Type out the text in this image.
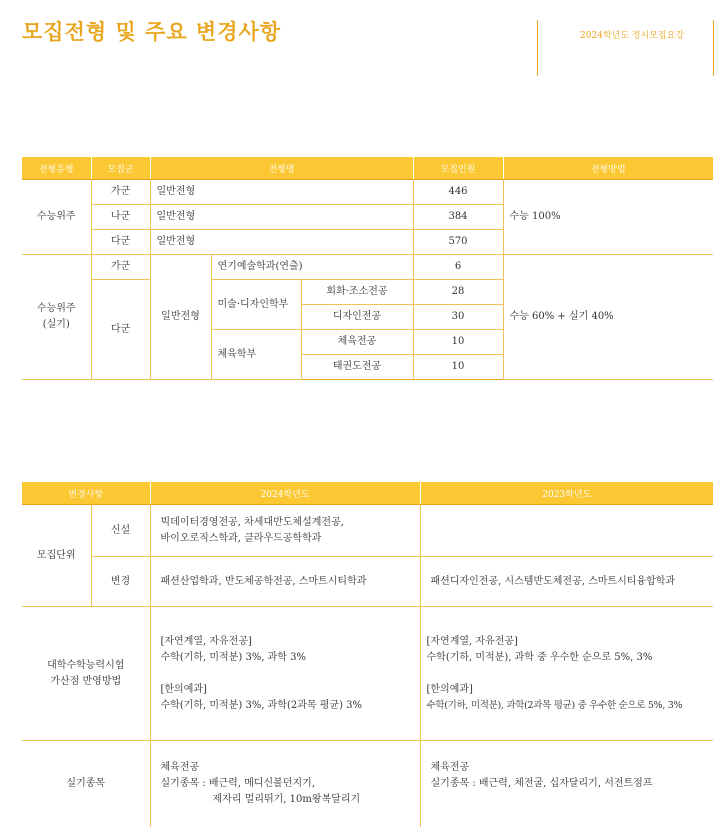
모집전형 및 주요 변경사항	2024학년도 정시모집요강
전형유형	모집군	전형명			모집인원	전형방법
수능위주	가군	일반전형			446	수능 100%
	나군	일반전형			384	
	다군	일반전형			570	
수능위주
(실기)	가군	일반전형	연기예술학과(연출)		6	수능 60% + 실기 40%
	다군		미술·디자인학부	회화·조소전공	28	
				디자인전공	30	
			체육학부	체육전공	10	
				태권도전공	10	
변경사항		2024학년도	2023학년도
모집단위	신설	빅데이터경영전공, 차세대반도체설계전공,
바이오로직스학과, 클라우드공학학과	
	변경	패션산업학과, 반도체공학전공, 스마트시티학과	패션디자인전공, 시스템반도체전공, 스마트시티융합학과
대학수학능력시험
가산점 반영방법		[자연계열, 자유전공]
수학(기하, 미적분) 3%, 과학 3%
[한의예과]
수학(기하, 미적분) 3%, 과학(2과목 평균) 3%	[자연계열, 자유전공]
수학(기하, 미적분), 과학 중 우수한 순으로 5%, 3%
[한의예과]
수학(기하, 미적분), 과학(2과목 평균) 중 우수한 순으로 5%, 3%
실기종목		체육전공
실기종목 : 배근력, 메디신볼던지기,
제자리 멀리뛰기, 10m왕복달리기	체육전공
실기종목 : 배근력, 체전굴, 십자달리기, 서전트점프
